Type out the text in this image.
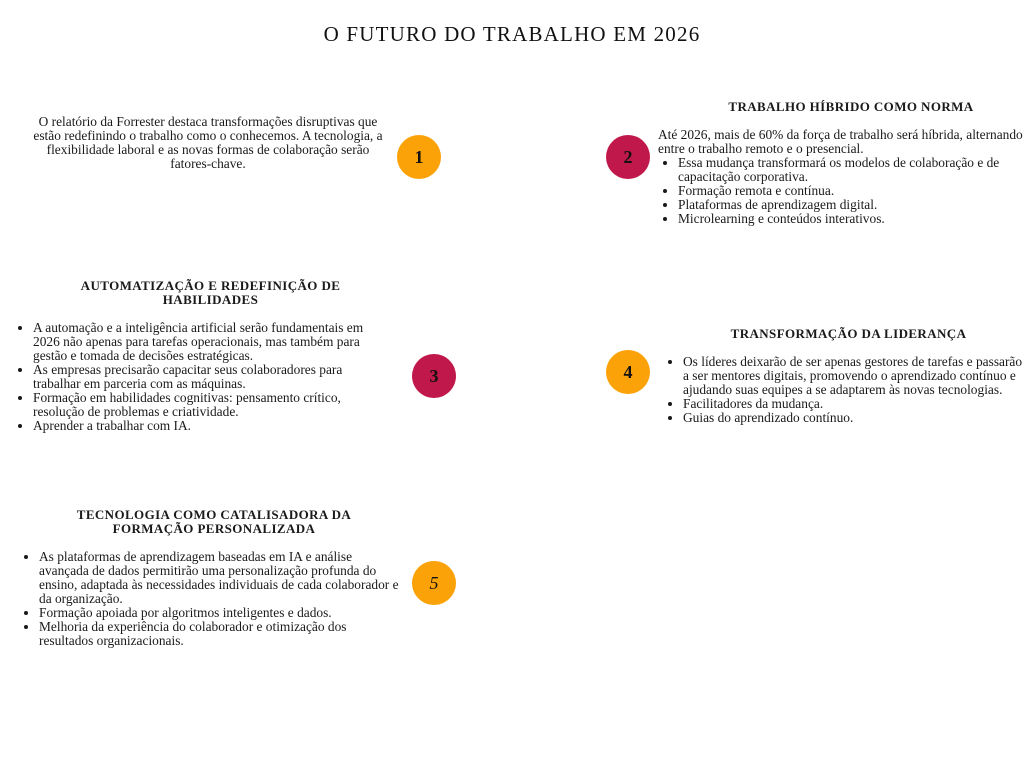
O FUTURO DO TRABALHO EM 2026
O relatório da Forrester destaca transformações disruptivas que estão redefinindo o trabalho como o conhecemos. A tecnologia, a flexibilidade laboral e as novas formas de colaboração serão fatores-chave.	1	2
TRABALHO HÍBRIDO COMO NORMA
Até 2026, mais de 60% da força de trabalho será híbrida, alternando entre o trabalho remoto e o presencial.
• Essa mudança transformará os modelos de colaboração e de capacitação corporativa.
• Formação remota e contínua.
• Plataformas de aprendizagem digital.
• Microlearning e conteúdos interativos.
AUTOMATIZAÇÃO E REDEFINIÇÃO DE HABILIDADES
• A automação e a inteligência artificial serão fundamentais em 2026 não apenas para tarefas operacionais, mas também para gestão e tomada de decisões estratégicas.
• As empresas precisarão capacitar seus colaboradores para trabalhar em parceria com as máquinas.
• Formação em habilidades cognitivas: pensamento crítico, resolução de problemas e criatividade.
• Aprender a trabalhar com IA.
3	4
TRANSFORMAÇÃO DA LIDERANÇA
• Os líderes deixarão de ser apenas gestores de tarefas e passarão a ser mentores digitais, promovendo o aprendizado contínuo e ajudando suas equipes a se adaptarem às novas tecnologias.
• Facilitadores da mudança.
• Guias do aprendizado contínuo.
TECNOLOGIA COMO CATALISADORA DA FORMAÇÃO PERSONALIZADA
• As plataformas de aprendizagem baseadas em IA e análise avançada de dados permitirão uma personalização profunda do ensino, adaptada às necessidades individuais de cada colaborador e da organização.
• Formação apoiada por algoritmos inteligentes e dados.
• Melhoria da experiência do colaborador e otimização dos resultados organizacionais.
5
